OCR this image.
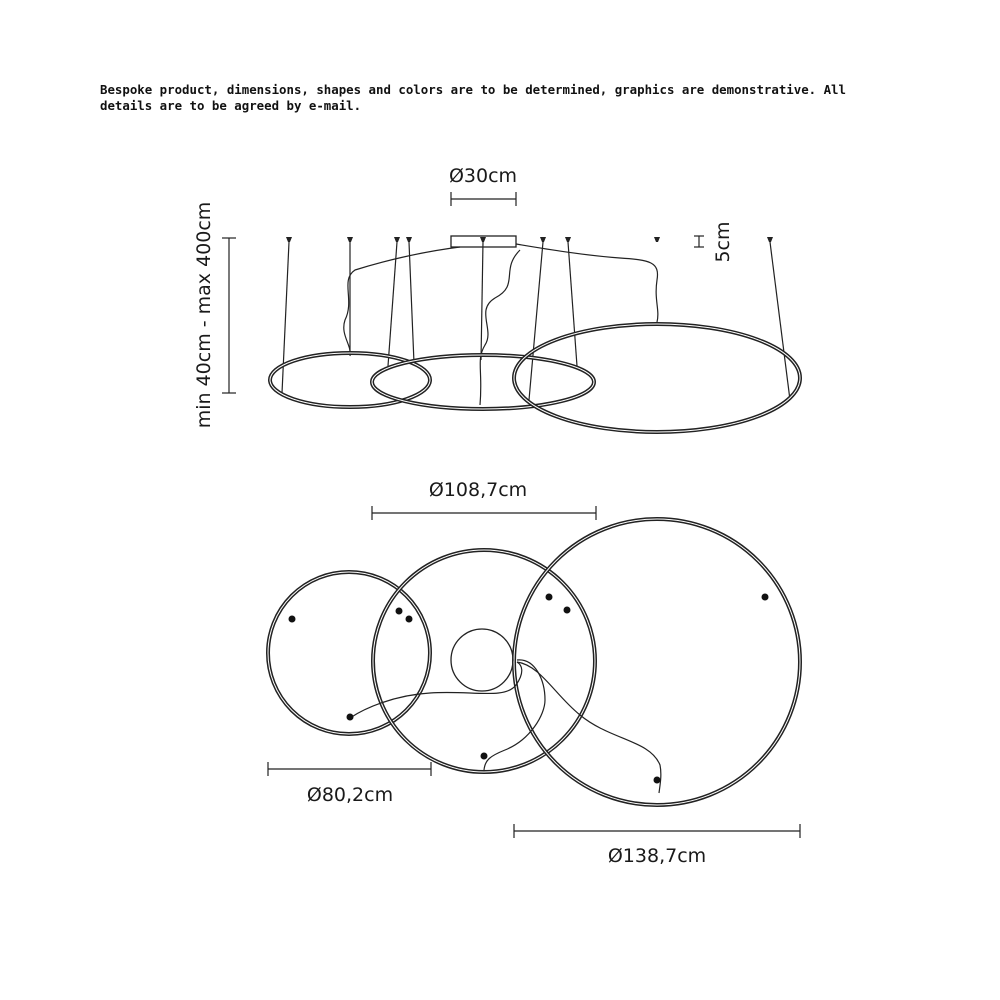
Bespoke product, dimensions, shapes and colors are to be determined, graphics are demonstrative. All details are to be agreed by e-mail.
Ø30cm
5cm
min 40cm - max 400cm
Ø108,7cm
Ø80,2cm
Ø138,7cm
